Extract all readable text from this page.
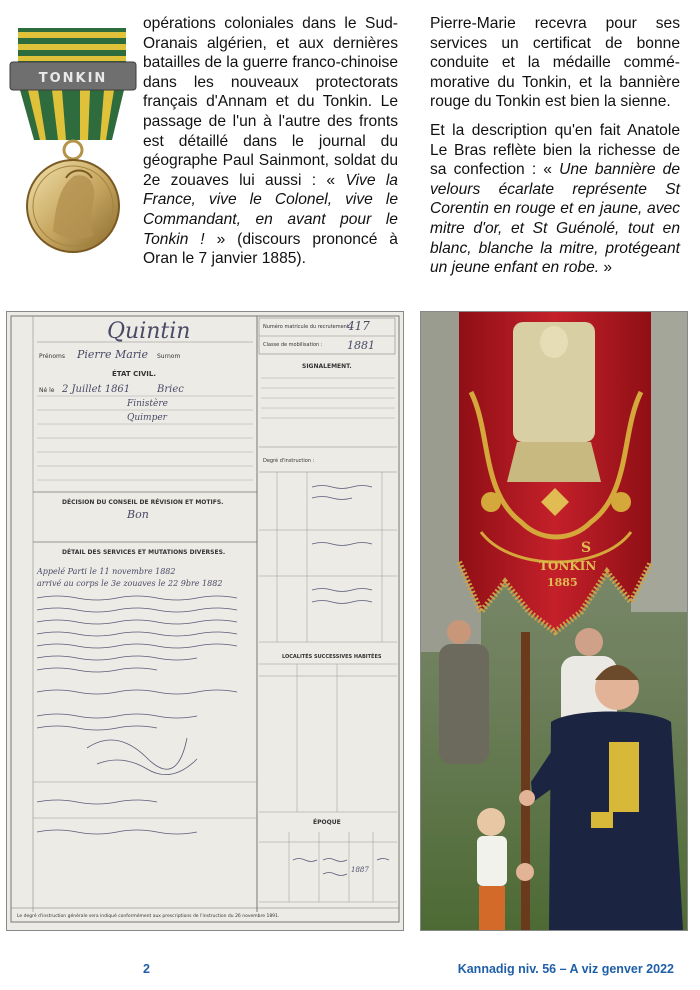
TONKIN

opérations coloniales dans le Sud-Oranais algérien, et aux dernières batailles de la guerre franco-chinoise dans les nouveaux protectorats français d'Annam et du Tonkin. Le passage de l'un à l'autre des fronts est détaillé dans le journal du géographe Paul Sainmont, soldat du 2e zouaves lui aussi : « Vive la France, vive le Colonel, vive le Commandant, en avant pour le Tonkin ! » (discours prononcé à Oran le 7 janvier 1885).

Pierre-Marie recevra pour ses services un certificat de bonne conduite et la médaille commé-morative du Tonkin, et la bannière rouge du Tonkin est bien la sienne.

Et la description qu'en fait Anatole Le Bras reflète bien la richesse de sa confection : « Une bannière de velours écarlate représente St Corentin en rouge et en jaune, avec mitre d'or, et St Guénolé, tout en blanc, blanche la mitre, protégeant un jeune enfant en robe. »

Quintin
Prénoms Pierre Marie Surnom
ÉTAT CIVIL.
Né le 2 Juillet 1861	Briec
Finistère
Quimper
DÉCISION DU CONSEIL DE RÉVISION ET MOTIFS.
Bon
DÉTAIL DES SERVICES ET MUTATIONS DIVERSES.
Appelé Parti le 11 novembre 1882
arrivé au corps le 3e zouaves le 22 9bre 1882
Numéro matricule du recrutement :
417
Classe de mobilisation : 1881
SIGNALEMENT.
Degré d'instruction :
LOCALITÉS SUCCESSIVES HABITÉES
ÉPOQUE
1887
Le degré d'instruction générale sera indiqué conformément aux prescriptions de l'instruction du 26 novembre 1891.
TONKIN
1885
S
2	Kannadig niv. 56 – A viz genver 2022
